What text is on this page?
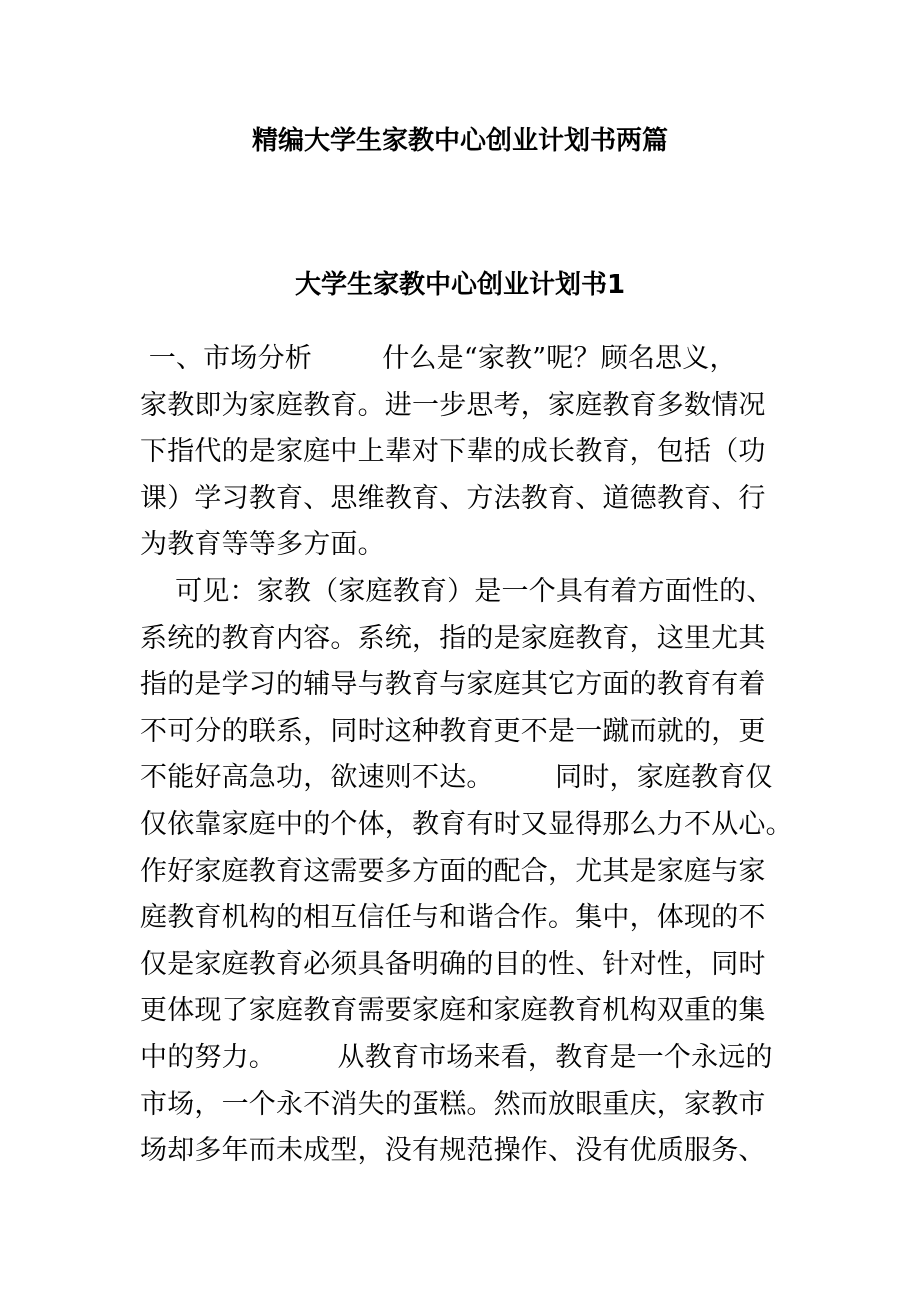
精编大学生家教中心创业计划书两篇
大学生家教中心创业计划书1
一、市场分析        什么是“家教”呢？顾名思义，
家教即为家庭教育。进一步思考，家庭教育多数情况
下指代的是家庭中上辈对下辈的成长教育，包括（功
课）学习教育、思维教育、方法教育、道德教育、行
为教育等等多方面。
可见：家教（家庭教育）是一个具有着方面性的、
系统的教育内容。系统，指的是家庭教育，这里尤其
指的是学习的辅导与教育与家庭其它方面的教育有着
不可分的联系，同时这种教育更不是一蹴而就的，更
不能好高急功，欲速则不达。       同时，家庭教育仅
仅依靠家庭中的个体，教育有时又显得那么力不从心。
作好家庭教育这需要多方面的配合，尤其是家庭与家
庭教育机构的相互信任与和谐合作。集中，体现的不
仅是家庭教育必须具备明确的目的性、针对性，同时
更体现了家庭教育需要家庭和家庭教育机构双重的集
中的努力。       从教育市场来看，教育是一个永远的
市场，一个永不消失的蛋糕。然而放眼重庆，家教市
场却多年而未成型，没有规范操作、没有优质服务、
